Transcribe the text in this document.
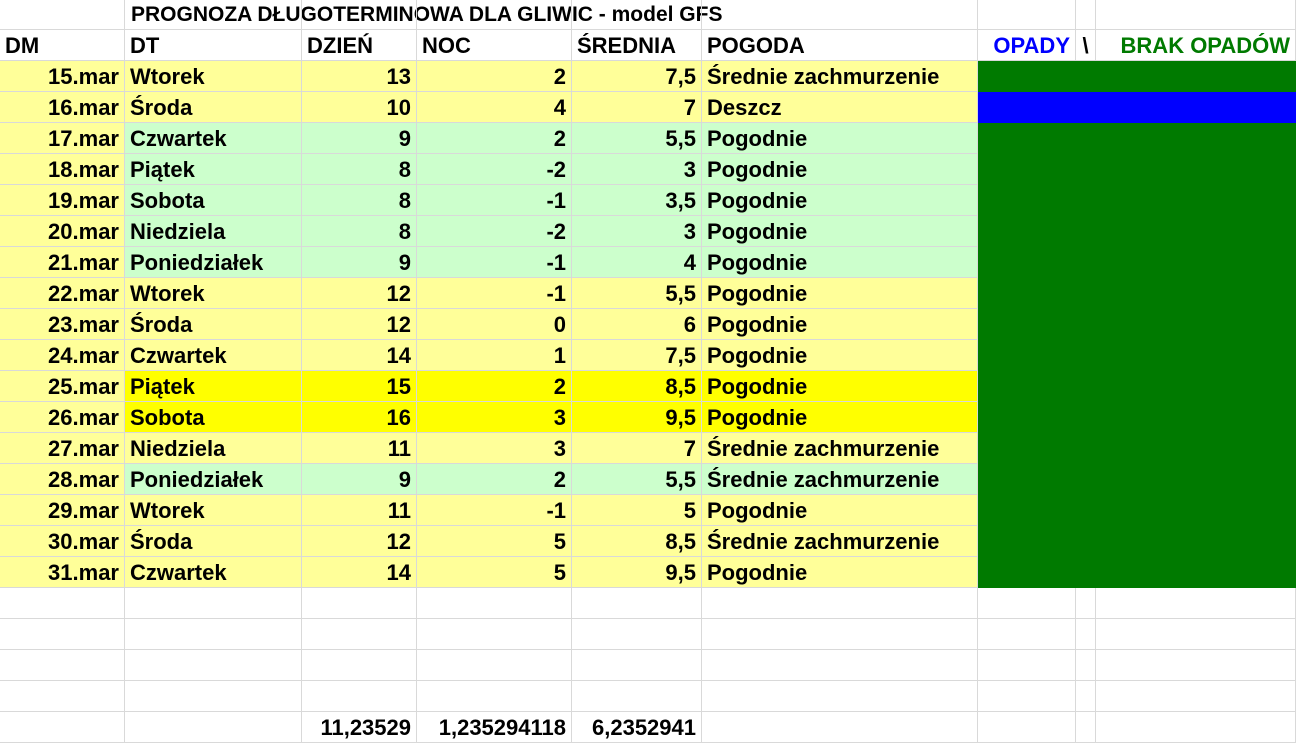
PROGNOZA DŁUGOTERMINOWA DLA GLIWIC - model GFS
DM	DT	DZIEŃ	NOC	ŚREDNIA	POGODA	OPADY \	BRAK OPADÓW
15.mar Wtorek	13	2	7,5 Średnie zachmurzenie
16.mar Środa	10	4	7 Deszcz
17.mar Czwartek	9	2	5,5 Pogodnie
18.mar Piątek	8	-2	3 Pogodnie
19.mar Sobota	8	-1	3,5 Pogodnie
20.mar Niedziela	8	-2	3 Pogodnie
21.mar Poniedziałek	9	-1	4 Pogodnie
22.mar Wtorek	12	-1	5,5 Pogodnie
23.mar Środa	12	0	6 Pogodnie
24.mar Czwartek	14	1	7,5 Pogodnie
25.mar Piątek	15	2	8,5 Pogodnie
26.mar Sobota	16	3	9,5 Pogodnie
27.mar Niedziela	11	3	7 Średnie zachmurzenie
28.mar Poniedziałek	9	2	5,5 Średnie zachmurzenie
29.mar Wtorek	11	-1	5 Pogodnie
30.mar Środa	12	5	8,5 Średnie zachmurzenie
31.mar Czwartek	14	5	9,5 Pogodnie
11,23529	1,235294118	6,2352941
